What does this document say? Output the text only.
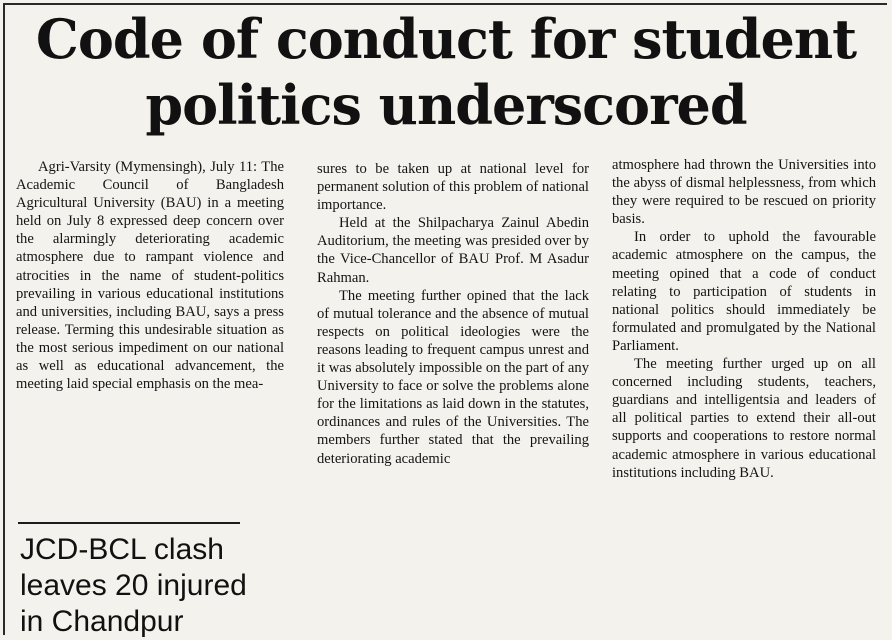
Code of conduct for student
politics underscored

Agri-Varsity (Mymensingh), July 11: The Academic Council of Bangladesh Agricultural University (BAU) in a meeting held on July 8 expressed deep concern over the alarmingly deteriorating academic atmosphere due to rampant violence and atrocities in the name of student-politics prevailing in various educational institutions and universities, including BAU, says a press release. Terming this undesirable situation as the most serious impediment on our national as well as educational advancement, the meeting laid special emphasis on the mea-

sures to be taken up at national level for permanent solution of this problem of national importance.

Held at the Shilpacharya Zainul Abedin Auditorium, the meeting was presided over by the Vice-Chancellor of BAU Prof. M Asadur Rahman.

The meeting further opined that the lack of mutual tolerance and the absence of mutual respects on political ideologies were the reasons leading to frequent campus unrest and it was absolutely impossible on the part of any University to face or solve the problems alone for the limitations as laid down in the statutes, ordinances and rules of the Universities. The members further stated that the prevailing deteriorating academic

atmosphere had thrown the Universities into the abyss of dismal helplessness, from which they were required to be rescued on priority basis.

In order to uphold the favourable academic atmosphere on the campus, the meeting opined that a code of conduct relating to participation of students in national politics should immediately be formulated and promulgated by the National Parliament.

The meeting further urged up on all concerned including students, teachers, guardians and intelligentsia and leaders of all political parties to extend their all-out supports and cooperations to restore normal academic atmosphere in various educational institutions including BAU.

JCD-BCL clash
leaves 20 injured
in Chandpur
